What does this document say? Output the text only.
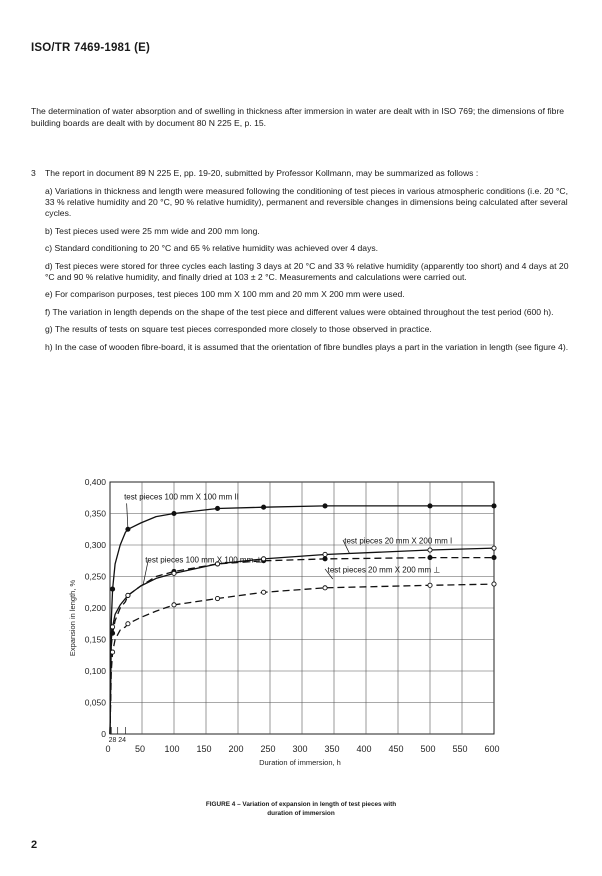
ISO/TR 7469-1981 (E)
The determination of water absorption and of swelling in thickness after immersion in water are dealt with in ISO 769; the dimensions of fibre building boards are dealt with by document 80 N 225 E, p. 15.
3 The report in document 89 N 225 E, pp. 19-20, submitted by Professor Kollmann, may be summarized as follows :
a) Variations in thickness and length were measured following the conditioning of test pieces in various atmospheric conditions (i.e. 20 °C, 33 % relative humidity and 20 °C, 90 % relative humidity), permanent and reversible changes in dimensions being calculated after several cycles.
b) Test pieces used were 25 mm wide and 200 mm long.
c) Standard conditioning to 20 °C and 65 % relative humidity was achieved over 4 days.
d) Test pieces were stored for three cycles each lasting 3 days at 20 °C and 33 % relative humidity (apparently too short) and 4 days at 20 °C and 90 % relative humidity, and finally dried at 103 ± 2 °C. Measurements and calculations were carried out.
e) For comparison purposes, test pieces 100 mm X 100 mm and 20 mm X 200 mm were used.
f) The variation in length depends on the shape of the test piece and different values were obtained throughout the test period (600 h).
g) The results of tests on square test pieces corresponded more closely to those observed in practice.
h) In the case of wooden fibre-board, it is assumed that the orientation of fibre bundles plays a part in the variation in length (see figure 4).
0	50 100 150 200 250 300 350 400 450 500 550 600
0
0,050
0,100
0,150
0,200
0,250
0,300
0,350
0,400
28 24
Duration of immersion, h
Expansion in length, %
test pieces 100 mm X 100 mm II
test pieces 100 mm X 100 mm ⊥
test pieces 20 mm X 200 mm I
test pieces 20 mm X 200 mm ⊥
FIGURE 4 – Variation of expansion in length of test pieces with
duration of immersion
2
